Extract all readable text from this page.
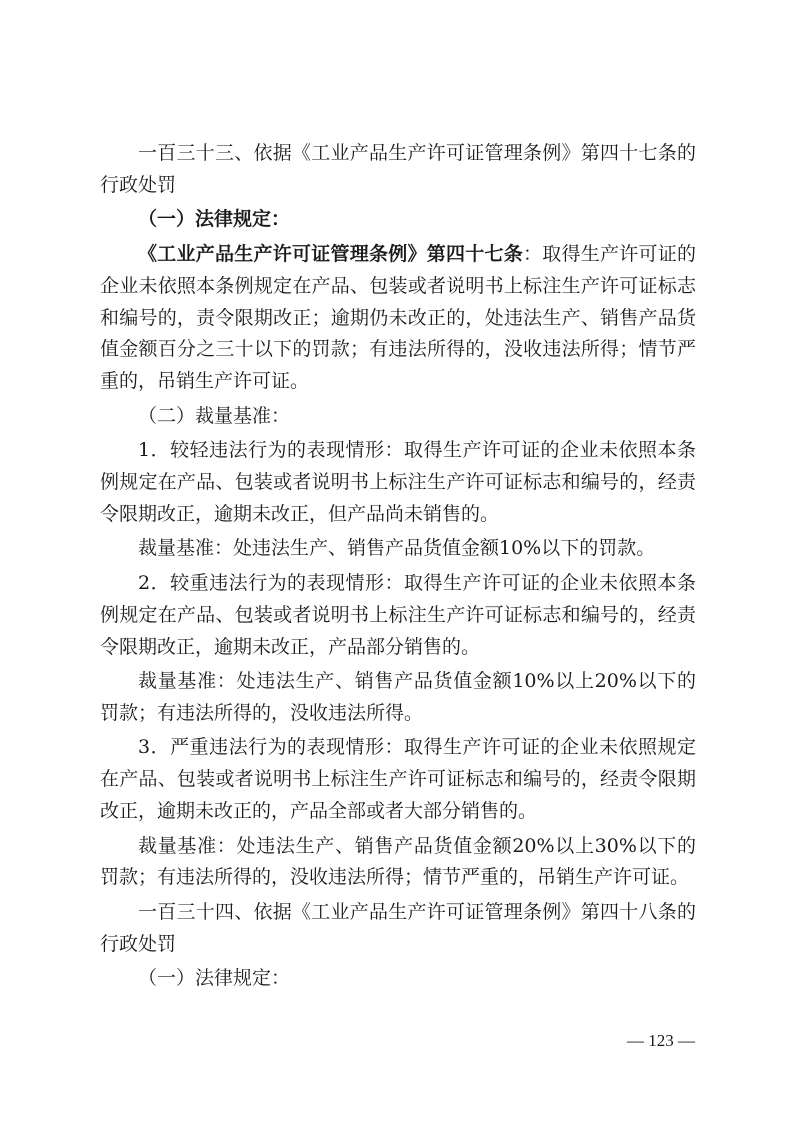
一百三十三、依据《工业产品生产许可证管理条例》第四十七条的行政处罚

（一）法律规定：

《工业产品生产许可证管理条例》第四十七条：取得生产许可证的企业未依照本条例规定在产品、包装或者说明书上标注生产许可证标志和编号的，责令限期改正；逾期仍未改正的，处违法生产、销售产品货值金额百分之三十以下的罚款；有违法所得的，没收违法所得；情节严重的，吊销生产许可证。

（二）裁量基准：

1．较轻违法行为的表现情形：取得生产许可证的企业未依照本条例规定在产品、包装或者说明书上标注生产许可证标志和编号的，经责令限期改正，逾期未改正，但产品尚未销售的。

裁量基准：处违法生产、销售产品货值金额10%以下的罚款。

2．较重违法行为的表现情形：取得生产许可证的企业未依照本条例规定在产品、包装或者说明书上标注生产许可证标志和编号的，经责令限期改正，逾期未改正，产品部分销售的。

裁量基准：处违法生产、销售产品货值金额10%以上20%以下的罚款；有违法所得的，没收违法所得。

3．严重违法行为的表现情形：取得生产许可证的企业未依照规定在产品、包装或者说明书上标注生产许可证标志和编号的，经责令限期改正，逾期未改正的，产品全部或者大部分销售的。

裁量基准：处违法生产、销售产品货值金额20%以上30%以下的罚款；有违法所得的，没收违法所得；情节严重的，吊销生产许可证。

一百三十四、依据《工业产品生产许可证管理条例》第四十八条的行政处罚

（一）法律规定：

— 123 —
